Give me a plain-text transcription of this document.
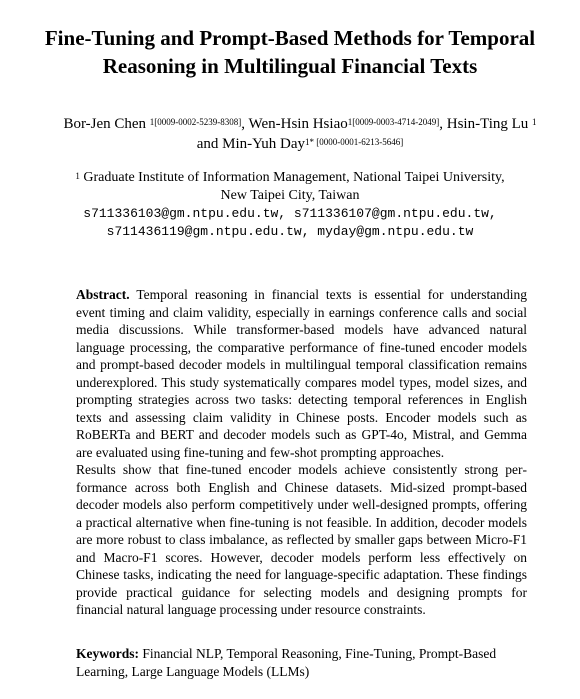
Fine-Tuning and Prompt-Based Methods for Temporal
Reasoning in Multilingual Financial Texts
Bor-Jen Chen $^{1[0009-0002-5239-8308]}$, Wen-Hsin Hsiao$^{1[0009-0003-4714-2049]}$, Hsin-Ting Lu $^1$
and Min-Yuh Day$^{1* [0000-0001-6213-5646]}$
$^1$ Graduate Institute of Information Management, National Taipei University,
New Taipei City, Taiwan
s711336103@gm.ntpu.edu.tw, s711336107@gm.ntpu.edu.tw,
s711436119@gm.ntpu.edu.tw, myday@gm.ntpu.edu.tw

Abstract. Temporal reasoning in financial texts is essential for understanding event timing and claim validity, especially in earnings conference calls and social media discussions. While transformer-based models have advanced natural language processing, the comparative performance of fine-tuned encoder models and prompt-based decoder models in multilingual temporal classification remains underexplored. This study systematically compares model types, model sizes, and prompting strategies across two tasks: detecting temporal references in English texts and assessing claim validity in Chinese posts. Encoder models such as RoBERTa and BERT and decoder models such as GPT-4o, Mistral, and Gemma are evaluated using fine-tuning and few-shot prompting approaches.

Results show that fine-tuned encoder models achieve consistently strong performance across both English and Chinese datasets. Mid-sized prompt-based decoder models also perform competitively under well-designed prompts, offering a practical alternative when fine-tuning is not feasible. In addition, decoder models are more robust to class imbalance, as reflected by smaller gaps between Micro-F1 and Macro-F1 scores. However, decoder models perform less effectively on Chinese tasks, indicating the need for language-specific adaptation. These findings provide practical guidance for selecting models and designing prompts for financial natural language processing under resource constraints.

Keywords: Financial NLP, Temporal Reasoning, Fine-Tuning, Prompt-Based Learning, Large Language Models (LLMs)
